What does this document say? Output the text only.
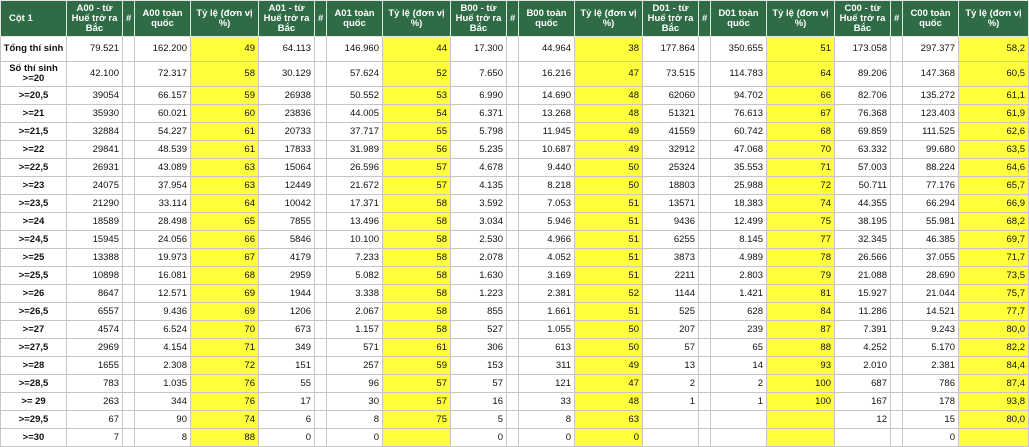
Cột 1	A00 - từ Huế trở ra Bắc	#	A00 toàn quốc	Tỷ lệ (đơn vị %)	A01 - từ Huế trở ra Bắc	#	A01 toàn quốc	Tỷ lệ (đơn vị %)	B00 - từ Huế trở ra Bắc	#	B00 toàn quốc	Tỷ lệ (đơn vị %)	D01 - từ Huế trở ra Bắc	#	D01 toàn quốc	Tỷ lệ (đơn vị %)	C00 - từ Huế trở ra Bắc	#	C00 toàn quốc	Tỷ lệ (đơn vị %)
Tổng thí sinh	79.521		162.200	49	64.113		146.960	44	17.300		44.964	38	177.864		350.655	51	173.058		297.377	58,2
Số thí sinh >=20	42.100		72.317	58	30.129		57.624	52	7.650		16.216	47	73.515		114.783	64	89.206		147.368	60,5
>=20,5	39054		66.157	59	26938		50.552	53	6.990		14.690	48	62060		94.702	66	82.706		135.272	61,1
>=21	35930		60.021	60	23836		44.005	54	6.371		13.268	48	51321		76.613	67	76.368		123.403	61,9
>=21,5	32884		54.227	61	20733		37.717	55	5.798		11.945	49	41559		60.742	68	69.859		111.525	62,6
>=22	29841		48.539	61	17833		31.989	56	5.235		10.687	49	32912		47.068	70	63.332		99.680	63,5
>=22,5	26931		43.089	63	15064		26.596	57	4.678		9.440	50	25324		35.553	71	57.003		88.224	64,6
>=23	24075		37.954	63	12449		21.672	57	4.135		8.218	50	18803		25.988	72	50.711		77.176	65,7
>=23,5	21290		33.114	64	10042		17.371	58	3.592		7.053	51	13571		18.383	74	44.355		66.294	66,9
>=24	18589		28.498	65	7855		13.496	58	3.034		5.946	51	9436		12.499	75	38.195		55.981	68,2
>=24,5	15945		24.056	66	5846		10.100	58	2.530		4.966	51	6255		8.145	77	32.345		46.385	69,7
>=25	13388		19.973	67	4179		7.233	58	2.078		4.052	51	3873		4.989	78	26.566		37.055	71,7
>=25,5	10898		16.081	68	2959		5.082	58	1.630		3.169	51	2211		2.803	79	21.088		28.690	73,5
>=26	8647		12.571	69	1944		3.338	58	1.223		2.381	52	1144		1.421	81	15.927		21.044	75,7
>=26,5	6557		9.436	69	1206		2.067	58	855		1.661	51	525		628	84	11.286		14.521	77,7
>=27	4574		6.524	70	673		1.157	58	527		1.055	50	207		239	87	7.391		9.243	80,0
>=27,5	2969		4.154	71	349		571	61	306		613	50	57		65	88	4.252		5.170	82,2
>=28	1655		2.308	72	151		257	59	153		311	49	13		14	93	2.010		2.381	84,4
>=28,5	783		1.035	76	55		96	57	57		121	47	2		2	100	687		786	87,4
>= 29	263		344	76	17		30	57	16		33	48	1		1	100	167		178	93,8
>=29,5	67		90	74	6		8	75	5		8	63					12		15	80,0
>=30	7		8	88	0		0		0		0	0							0	
